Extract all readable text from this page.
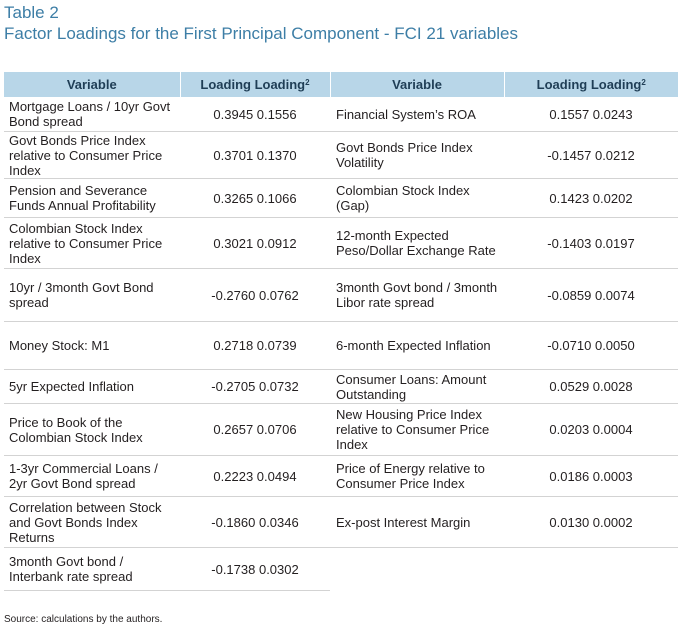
Table 2
Factor Loadings for the First Principal Component - FCI 21 variables
Variable	Loading Loading$^2$	Variable	Loading Loading$^2$
Mortgage Loans / 10yr Govt Bond spread	0.3945 0.1556	Financial System’s ROA	0.1557 0.0243
Govt Bonds Price Index relative to Consumer Price Index	0.3701 0.1370	Govt Bonds Price Index Volatility	-0.1457 0.0212
Pension and Severance Funds Annual Profitability	0.3265 0.1066	Colombian Stock Index (Gap)	0.1423 0.0202
Colombian Stock Index relative to Consumer Price Index	0.3021 0.0912	12-month Expected Peso/Dollar Exchange Rate	-0.1403 0.0197
10yr / 3month Govt Bond spread	-0.2760 0.0762	3month Govt bond / 3month Libor rate spread	-0.0859 0.0074
Money Stock: M1	0.2718 0.0739	6-month Expected Inflation	-0.0710 0.0050
5yr Expected Inflation	-0.2705 0.0732	Consumer Loans: Amount Outstanding	0.0529 0.0028
Price to Book of the Colombian Stock Index	0.2657 0.0706	New Housing Price Index relative to Consumer Price Index	0.0203 0.0004
1-3yr Commercial Loans / 2yr Govt Bond spread	0.2223 0.0494	Price of Energy relative to Consumer Price Index	0.0186 0.0003
Correlation between Stock and Govt Bonds Index Returns	-0.1860 0.0346	Ex-post Interest Margin	0.0130 0.0002
3month Govt bond / Interbank rate spread	-0.1738 0.0302		
Source: calculations by the authors.
